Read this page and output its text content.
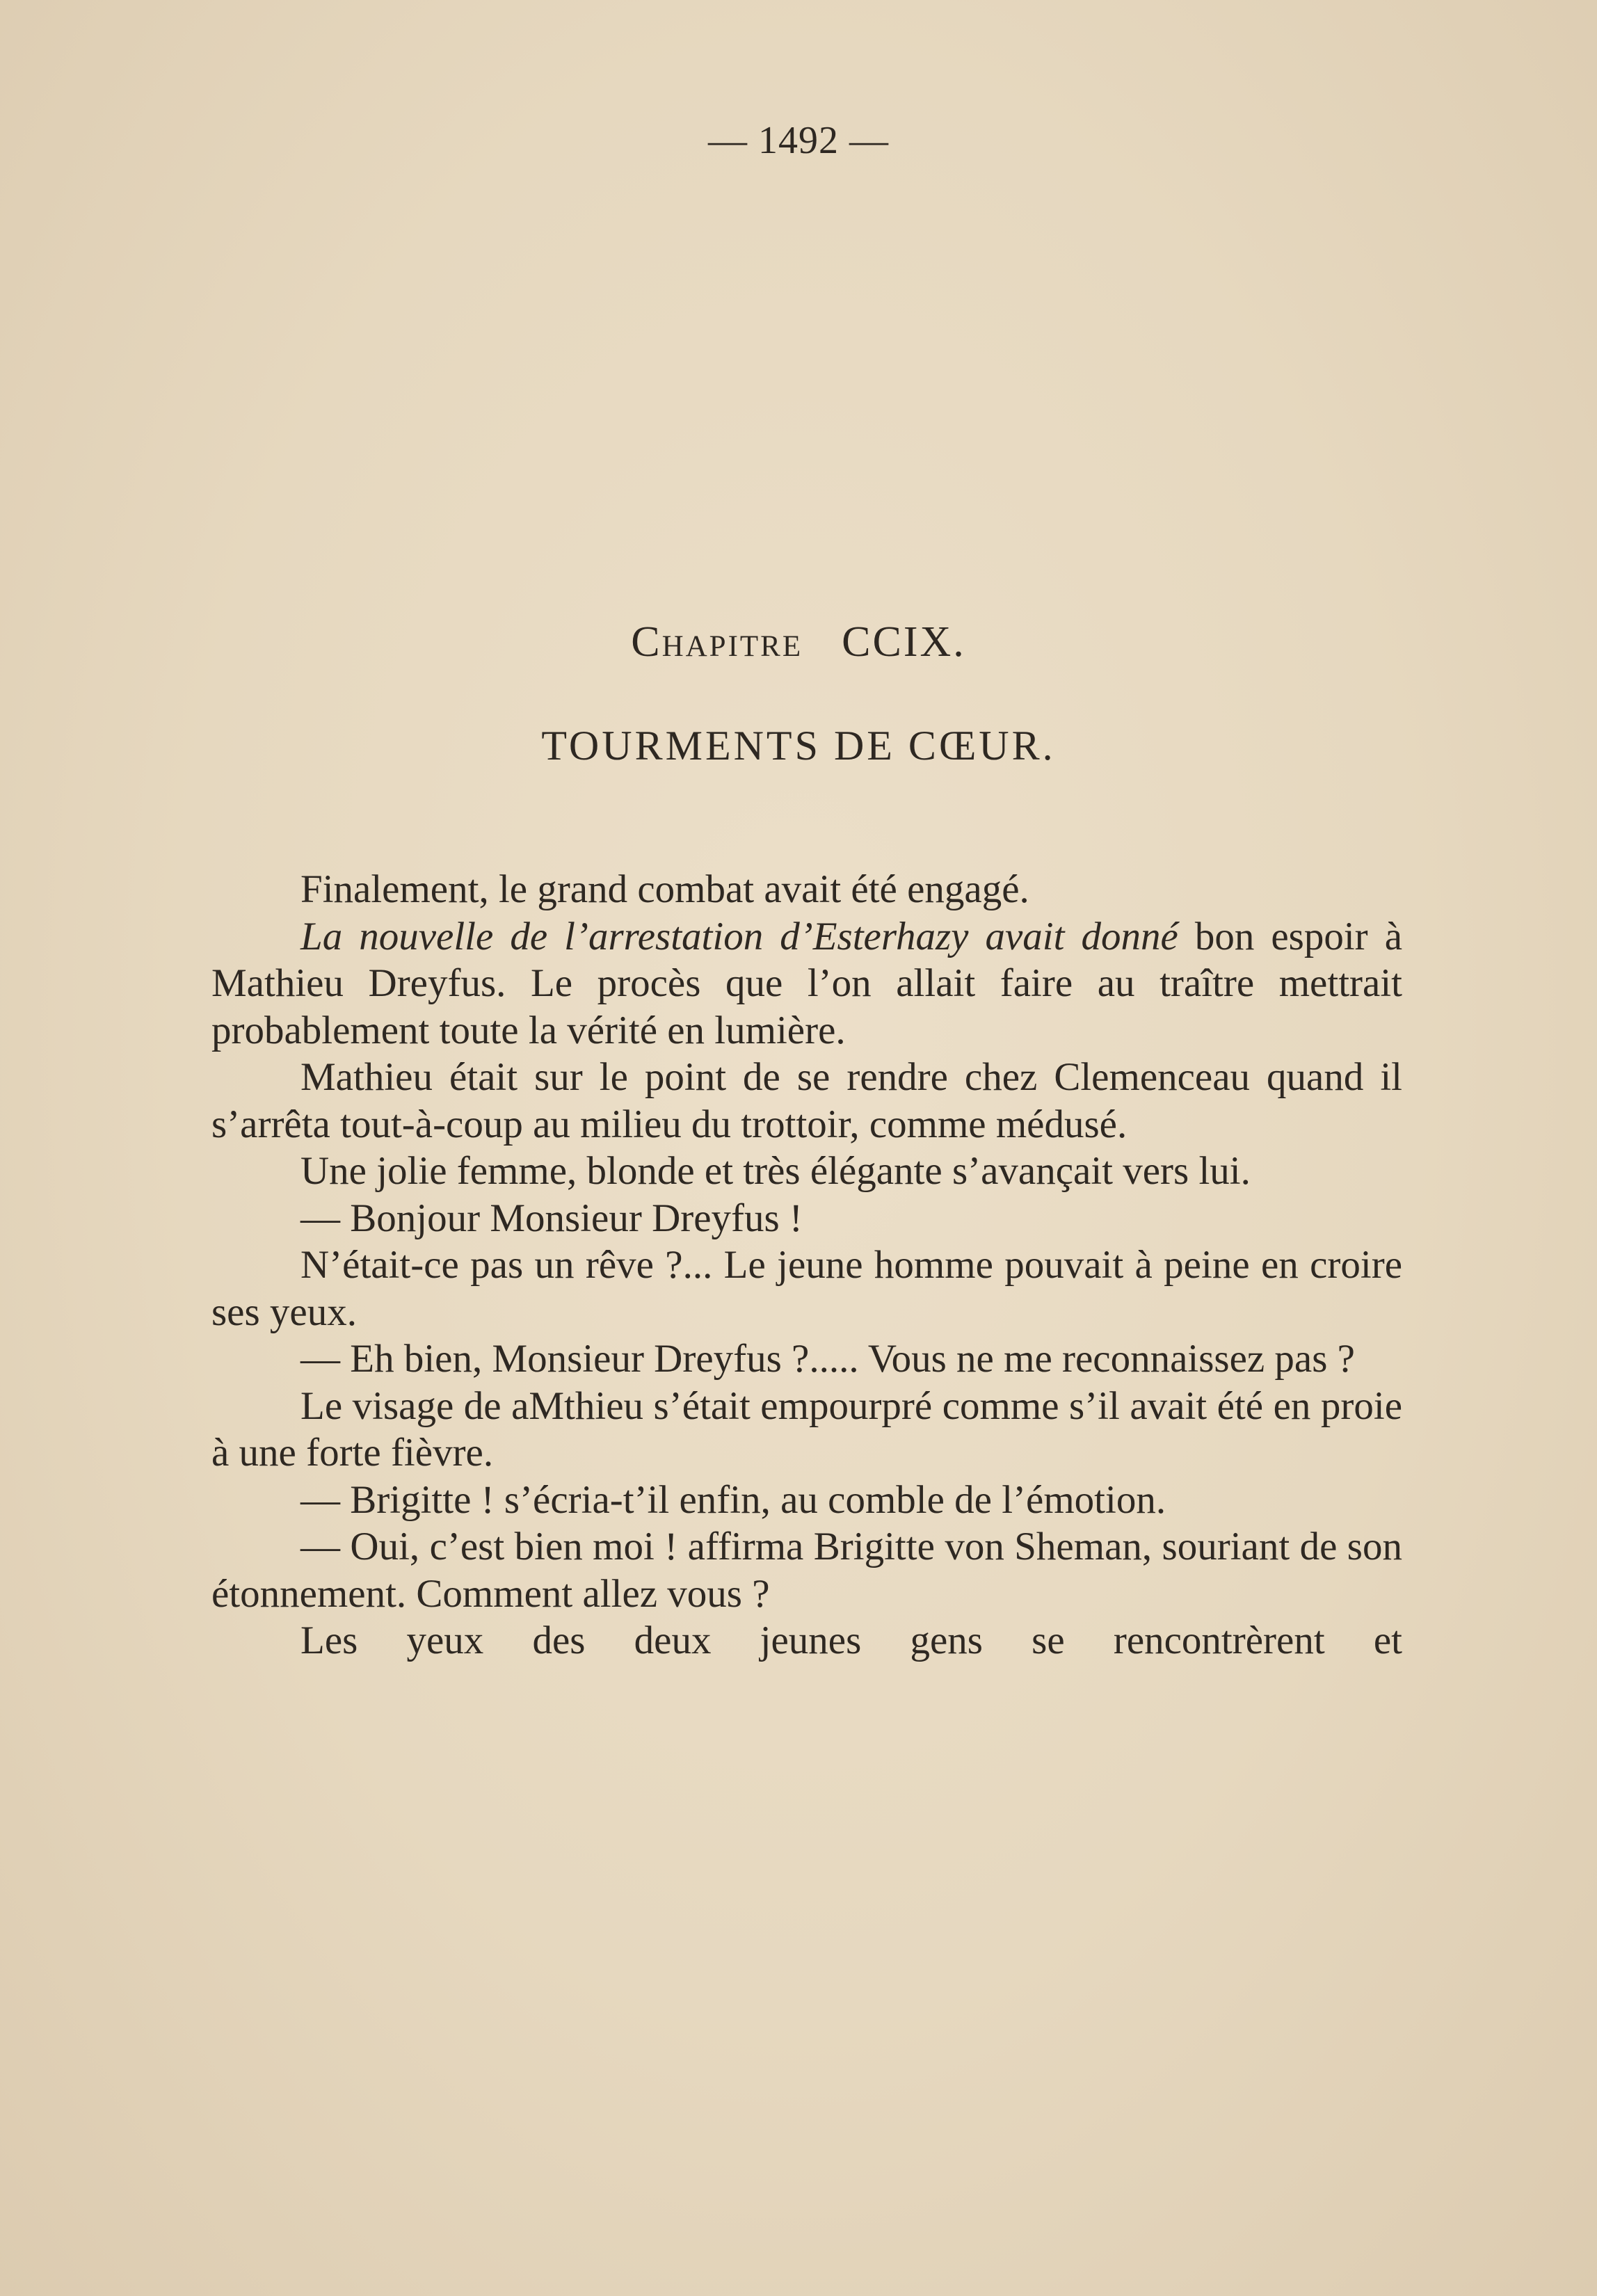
— 1492 —
Chapitre CCIX.
TOURMENTS DE CŒUR.

Finalement, le grand combat avait été engagé.

La nouvelle de l’arrestation d’Esterhazy avait donné bon espoir à Mathieu Dreyfus. Le procès que l’on allait faire au traître mettrait probablement toute la vérité en lumière.

Mathieu était sur le point de se rendre chez Clemenceau quand il s’arrêta tout-à-coup au milieu du trottoir, comme médusé.

Une jolie femme, blonde et très élégante s’avançait vers lui.

— Bonjour Monsieur Dreyfus !

N’était-ce pas un rêve ?... Le jeune homme pouvait à peine en croire ses yeux.

— Eh bien, Monsieur Dreyfus ?..... Vous ne me reconnaissez pas ?

Le visage de aMthieu s’était empourpré comme s’il avait été en proie à une forte fièvre.

— Brigitte ! s’écria-t’il enfin, au comble de l’émotion.

— Oui, c’est bien moi ! affirma Brigitte von Sheman, souriant de son étonnement. Comment allez vous ?

Les yeux des deux jeunes gens se rencontrèrent et
